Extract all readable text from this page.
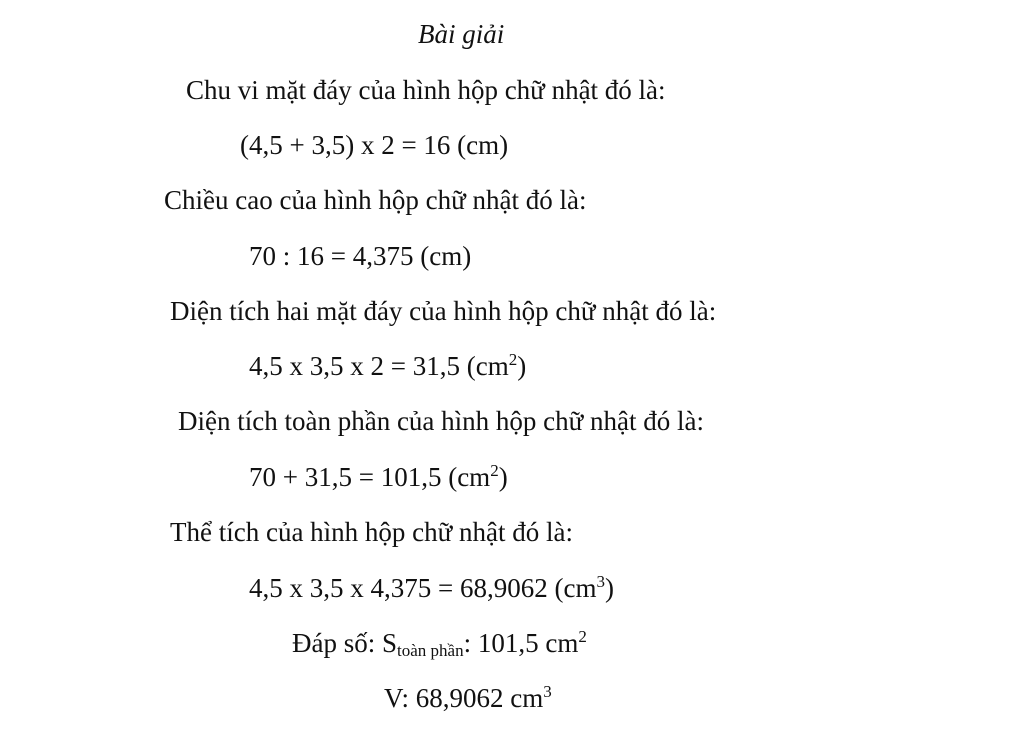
Bài giải
Chu vi mặt đáy của hình hộp chữ nhật đó là:
(4,5 + 3,5) x 2 = 16 (cm)
Chiều cao của hình hộp chữ nhật đó là:
70 : 16 = 4,375 (cm)
Diện tích hai mặt đáy của hình hộp chữ nhật đó là:
4,5 x 3,5 x 2 = 31,5 $(cm^2)$
Diện tích toàn phần của hình hộp chữ nhật đó là:
70 + 31,5 = 101,5 $(cm^2)$
Thể tích của hình hộp chữ nhật đó là:
4,5 x 3,5 x 4,375 = 68,9062 $(cm^3)$
Đáp số: $S_{toàn phần}$: 101,5 $cm^2$
V: 68,9062 $cm^3$
